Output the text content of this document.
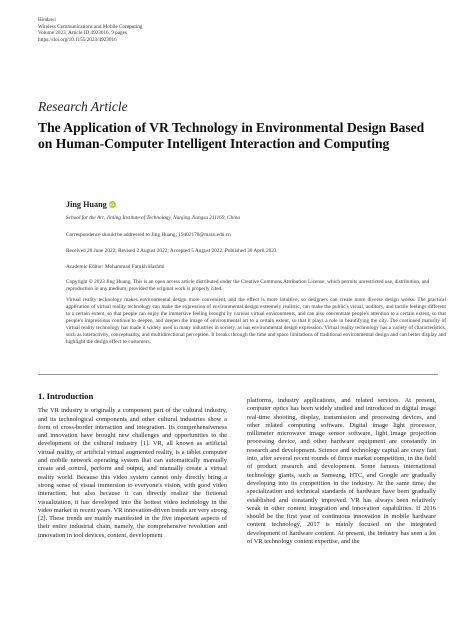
Hindawi
Wireless Communications and Mobile Computing
Volume 2023, Article ID 4923016, 9 pages
https://doi.org/10.1155/2023/4923016
Research Article
The Application of VR Technology in Environmental Design Based on Human-Computer Intelligent Interaction and Computing
Jing Huang iD
School for the Art, Jinling Institute of Technology, Nanjing Jiangsu 211169, China
Correspondence should be addressed to Jing Huang; 19402170@masu.edu.cn
Received 28 June 2022; Revised 2 August 2022; Accepted 5 August 2022; Published 30 April 2023
Academic Editor: Mohammad Farukh Hashmi
Copyright © 2023 Jing Huang. This is an open access article distributed under the Creative Commons Attribution License, which permits unrestricted use, distribution, and reproduction in any medium, provided the original work is properly cited.
Virtual reality technology makes environmental design more convenient, and the effect is more intuitive, so designers can create more diverse design works. The practical application of virtual reality technology can make the expression of environmental design extremely realistic, can make the public's visual, auditory, and tactile feelings different to a certain extent, so that people can enjoy the immersive feeling brought by various virtual environments, and can also concentrate people's attention to a certain extent, so that people's impressions continue to deepen, and deepen the image of environmental art to a certain extent, so that it plays a role in beautifying the city. The continued maturity of virtual reality technology has made it widely used in many industries in society, as has environmental design expression. Virtual reality technology has a variety of characteristics, such as interactivity, conceptuality, and multidirectional perception. It breaks through the time and space limitations of traditional environmental design and can better display and highlight the design effect to customers.
1. Introduction

The VR industry is originally a component part of the cultural industry, and its technological components and other cultural industries show a form of cross-border interaction and integration. Its comprehensiveness and innovation have brought new challenges and opportunities to the development of the cultural industry [1]. VR, all known as artificial virtual reality, or artificial virtual augmented reality, is a tablet computer and mobile network operating system that can automatically manually create and control, perform and output, and manually create a virtual reality world. Because this video system cannot only directly bring a strong sense of visual immersion to everyone's vision, with good video interaction, but also because it can directly realize the fictional visualization, it has developed into the hottest video technology in the video market in recent years. VR innovation-driven trends are very strong [2]. These trends are mainly manifested in the five important aspects of their entire industrial chain, namely, the comprehensive revolution and innovation in tool devices, content, development

platforms, industry applications, and related services. At present, computer optics has been widely studied and introduced in digital image real-time shooting, display, transmission and processing devices, and other related computing software. Digital image light processor, millimeter microwave image sensor software, light image projection processing device, and other hardware equipment are constantly in research and development. Science and technology capital are crazy fast into, after several recent rounds of fierce market competition, in the field of product research and development. Some famous international technology giants, such as Samsung, HTC, and Google are gradually developing into its competition in the industry. At the same time, the specialization and technical standards of hardware have been gradually established and constantly improved. VR has always been relatively weak in other content integration and innovation capabilities. If 2016 should be the first year of continuous innovation in mobile hardware content technology, 2017 is mainly focused on the integrated development of hardware content. At present, the industry has seen a lot of VR technology content expertise, and the
